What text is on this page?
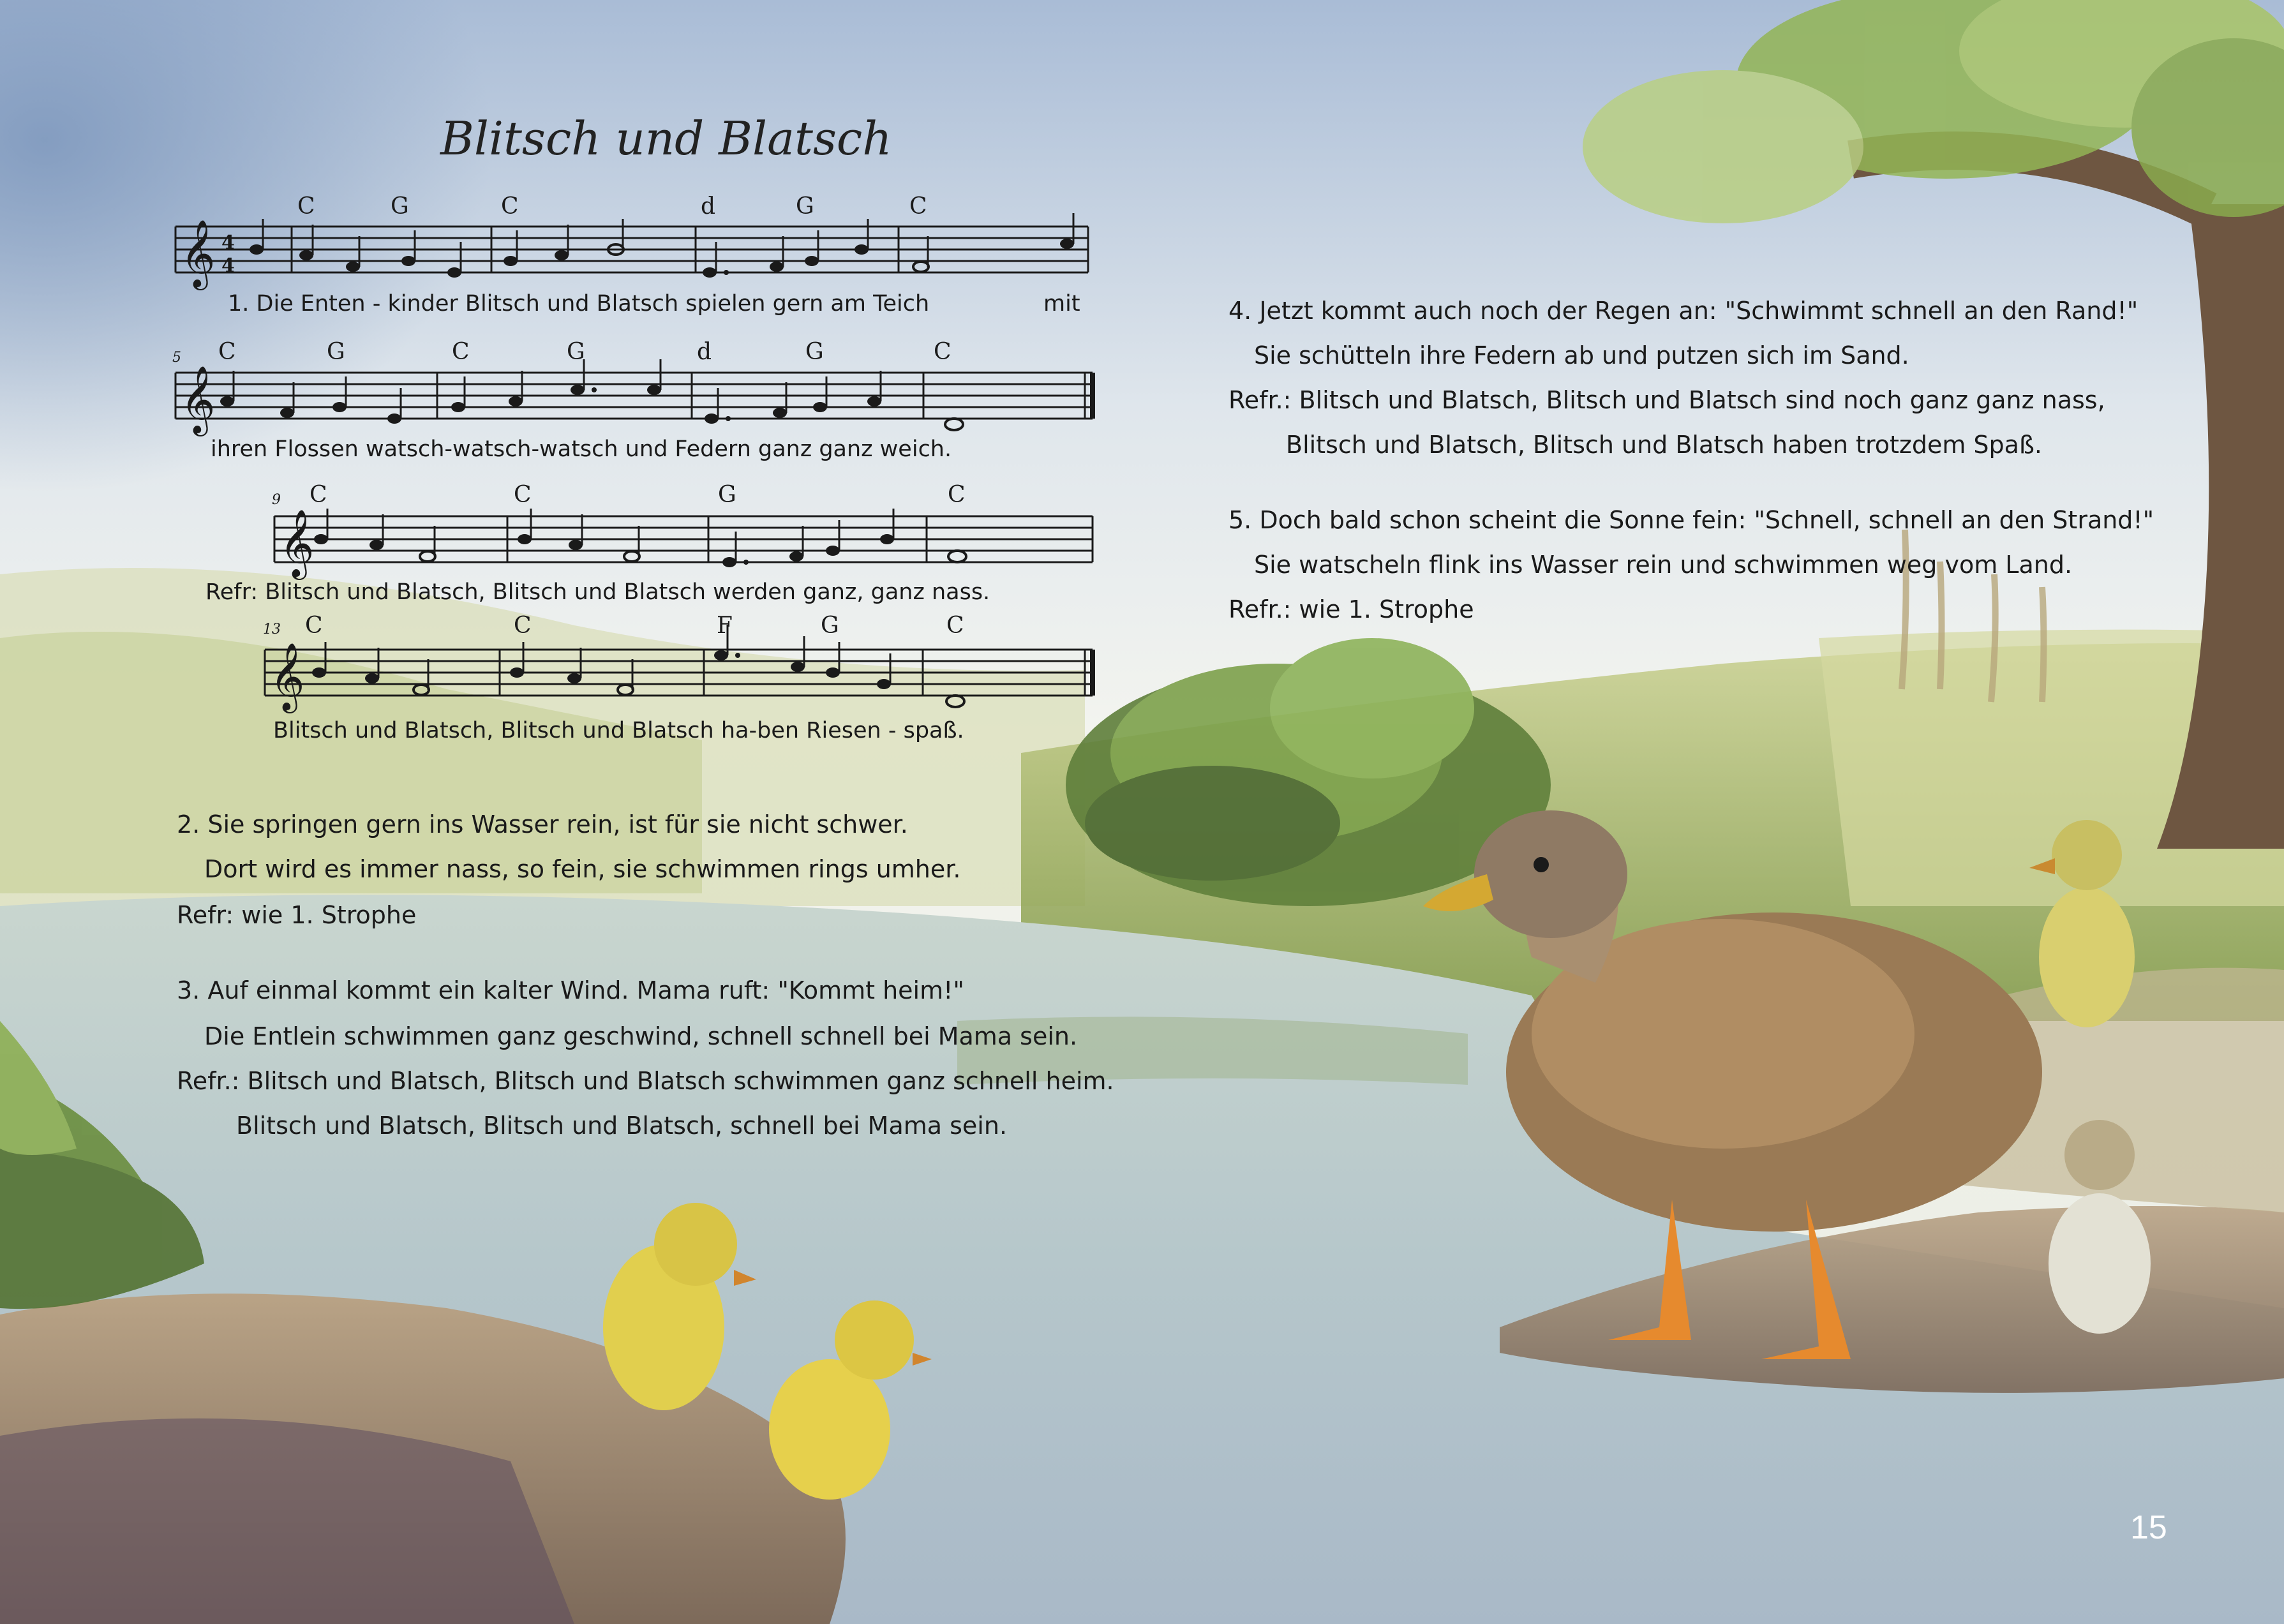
Blitsch und Blatsch
𝄞 4
4
C	G	C	d	G	C
𝄞
5 C	G	C	G	d	G	C
𝄞
9 C	C	G	C
𝄞
13 C	C	F	G	C
1. Die Enten - kinder Blitsch und Blatsch spielen gern am Teich	mit
ihren Flossen watsch-watsch-watsch und Federn ganz ganz weich.
Refr: Blitsch und Blatsch, Blitsch und Blatsch werden ganz, ganz nass.
Blitsch und Blatsch, Blitsch und Blatsch ha-ben Riesen - spaß.
2. Sie springen gern ins Wasser rein, ist für sie nicht schwer.
Dort wird es immer nass, so fein, sie schwimmen rings umher.
Refr: wie 1. Strophe
3. Auf einmal kommt ein kalter Wind. Mama ruft: "Kommt heim!"
Die Entlein schwimmen ganz geschwind, schnell schnell bei Mama sein.
Refr.: Blitsch und Blatsch, Blitsch und Blatsch schwimmen ganz schnell heim.
Blitsch und Blatsch, Blitsch und Blatsch, schnell bei Mama sein.
4. Jetzt kommt auch noch der Regen an: "Schwimmt schnell an den Rand!"
Sie schütteln ihre Federn ab und putzen sich im Sand.
Refr.: Blitsch und Blatsch, Blitsch und Blatsch sind noch ganz ganz nass,
Blitsch und Blatsch, Blitsch und Blatsch haben trotzdem Spaß.
5. Doch bald schon scheint die Sonne fein: "Schnell, schnell an den Strand!"
Sie watscheln flink ins Wasser rein und schwimmen weg vom Land.
Refr.: wie 1. Strophe
15
